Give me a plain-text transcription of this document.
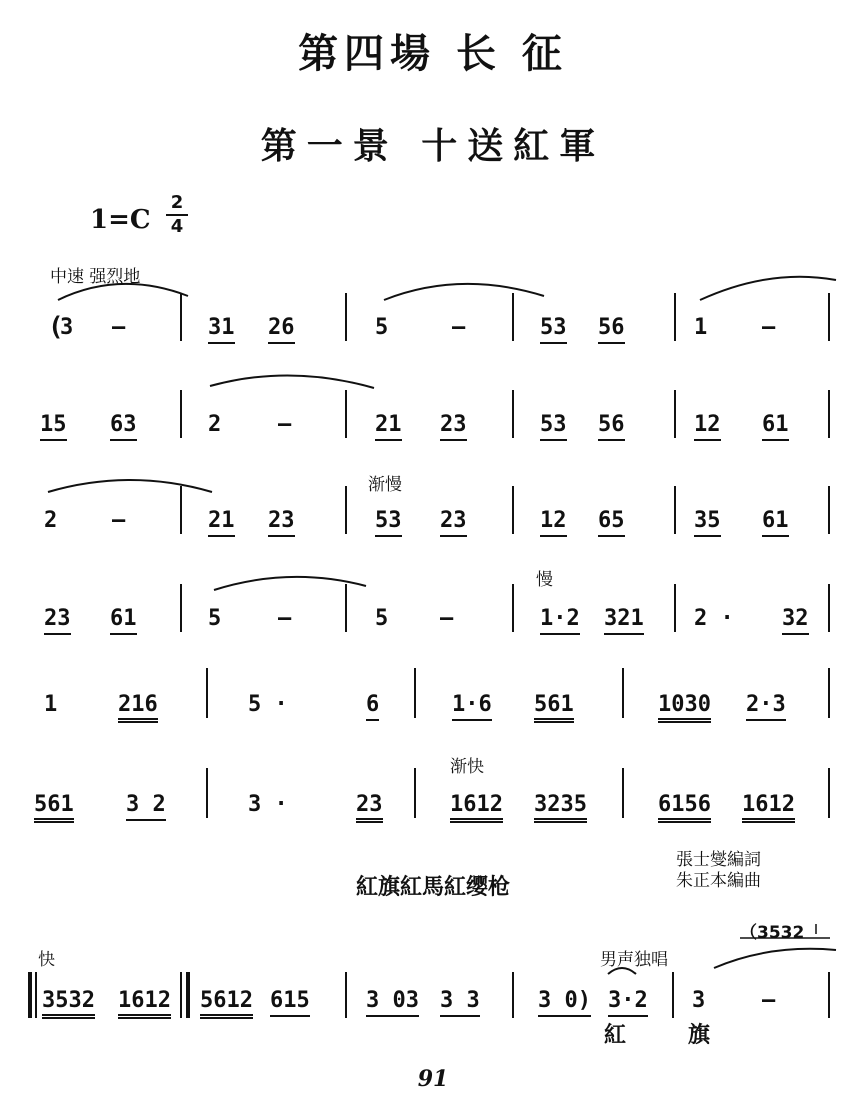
第四場 长 征
第一景 十送紅軍
1=C
2
4
中速 强烈地
渐慢
慢
渐快
快	男声独唱
（3532
紅旗紅馬紅缨枪
張士燮編詞
朱正本編曲
(
3 –	31 26	5	–	53 56	1 –
15 63	2	–	21 23	53 56	12 61
2 –	21 23	53 23	12 65	35 61
23 61	5	–	5 –	1·2 321 2 · 32
1	216	5 ·	6	1·6 561	1030 2·3
561 3 2	3 ·	23	1612 3235	6156 1612
3532 1612 5612 615	3 03 3 3	3 0) 3·2 3	–
紅	旗
91
